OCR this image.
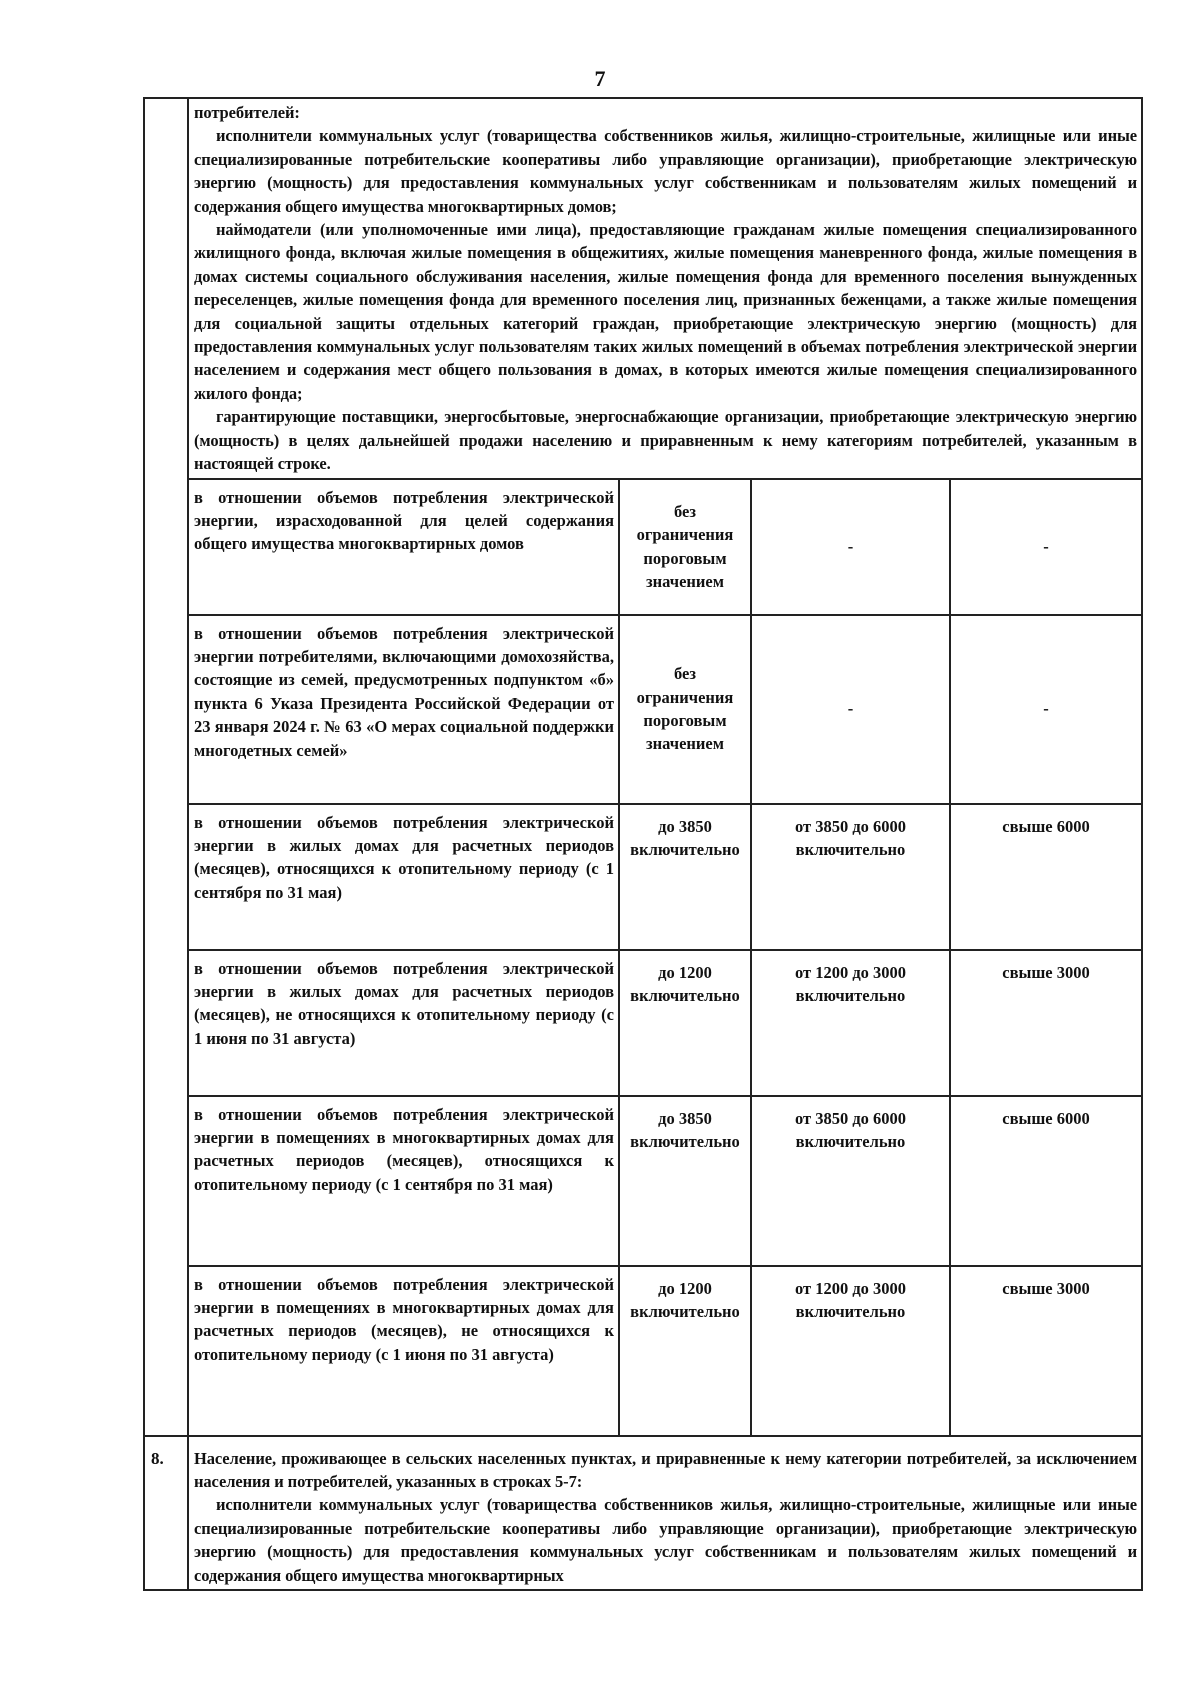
7

потребителей:

исполнители коммунальных услуг (товарищества собственников жилья, жилищно-строительные, жилищные или иные специализированные потребительские кооперативы либо управляющие организации), приобретающие электрическую энергию (мощность) для предоставления коммунальных услуг собственникам и пользователям жилых помещений и содержания общего имущества многоквартирных домов;

наймодатели (или уполномоченные ими лица), предоставляющие гражданам жилые помещения специализированного жилищного фонда, включая жилые помещения в общежитиях, жилые помещения маневренного фонда, жилые помещения в домах системы социального обслуживания населения, жилые помещения фонда для временного поселения вынужденных переселенцев, жилые помещения фонда для временного поселения лиц, признанных беженцами, а также жилые помещения для социальной защиты отдельных категорий граждан, приобретающие электрическую энергию (мощность) для предоставления коммунальных услуг пользователям таких жилых помещений в объемах потребления электрической энергии населением и содержания мест общего пользования в домах, в которых имеются жилые помещения специализированного жилого фонда;

гарантирующие поставщики, энергосбытовые, энергоснабжающие организации, приобретающие электрическую энергию (мощность) в целях дальнейшей продажи населению и приравненным к нему категориям потребителей, указанным в настоящей строке.

в отношении объемов потребления электрической энергии, израсходованной для целей содержания общего имущества многоквартирных домов	без ограничения пороговым значением	-	-
в отношении объемов потребления электрической энергии потребителями, включающими домохозяйства, состоящие из семей, предусмотренных подпунктом «б» пункта 6 Указа Президента Российской Федерации от 23 января 2024 г. № 63 «О мерах социальной поддержки многодетных семей»	без ограничения пороговым значением	-	-
в отношении объемов потребления электрической энергии в жилых домах для расчетных периодов (месяцев), относящихся к отопительному периоду (с 1 сентября по 31 мая)	до 3850 включительно	от 3850 до 6000 включительно	свыше 6000
в отношении объемов потребления электрической энергии в жилых домах для расчетных периодов (месяцев), не относящихся к отопительному периоду (с 1 июня по 31 августа)	до 1200 включительно	от 1200 до 3000 включительно	свыше 3000
в отношении объемов потребления электрической энергии в помещениях в многоквартирных домах для расчетных периодов (месяцев), относящихся к отопительному периоду (с 1 сентября по 31 мая)	до 3850 включительно	от 3850 до 6000 включительно	свыше 6000
в отношении объемов потребления электрической энергии в помещениях в многоквартирных домах для расчетных периодов (месяцев), не относящихся к отопительному периоду (с 1 июня по 31 августа)	до 1200 включительно	от 1200 до 3000 включительно	свыше 3000

8.	Население, проживающее в сельских населенных пунктах, и приравненные к нему категории потребителей, за исключением населения и потребителей, указанных в строках 5-7:

исполнители коммунальных услуг (товарищества собственников жилья, жилищно-строительные, жилищные или иные специализированные потребительские кооперативы либо управляющие организации), приобретающие электрическую энергию (мощность) для предоставления коммунальных услуг собственникам и пользователям жилых помещений и содержания общего имущества многоквартирных
